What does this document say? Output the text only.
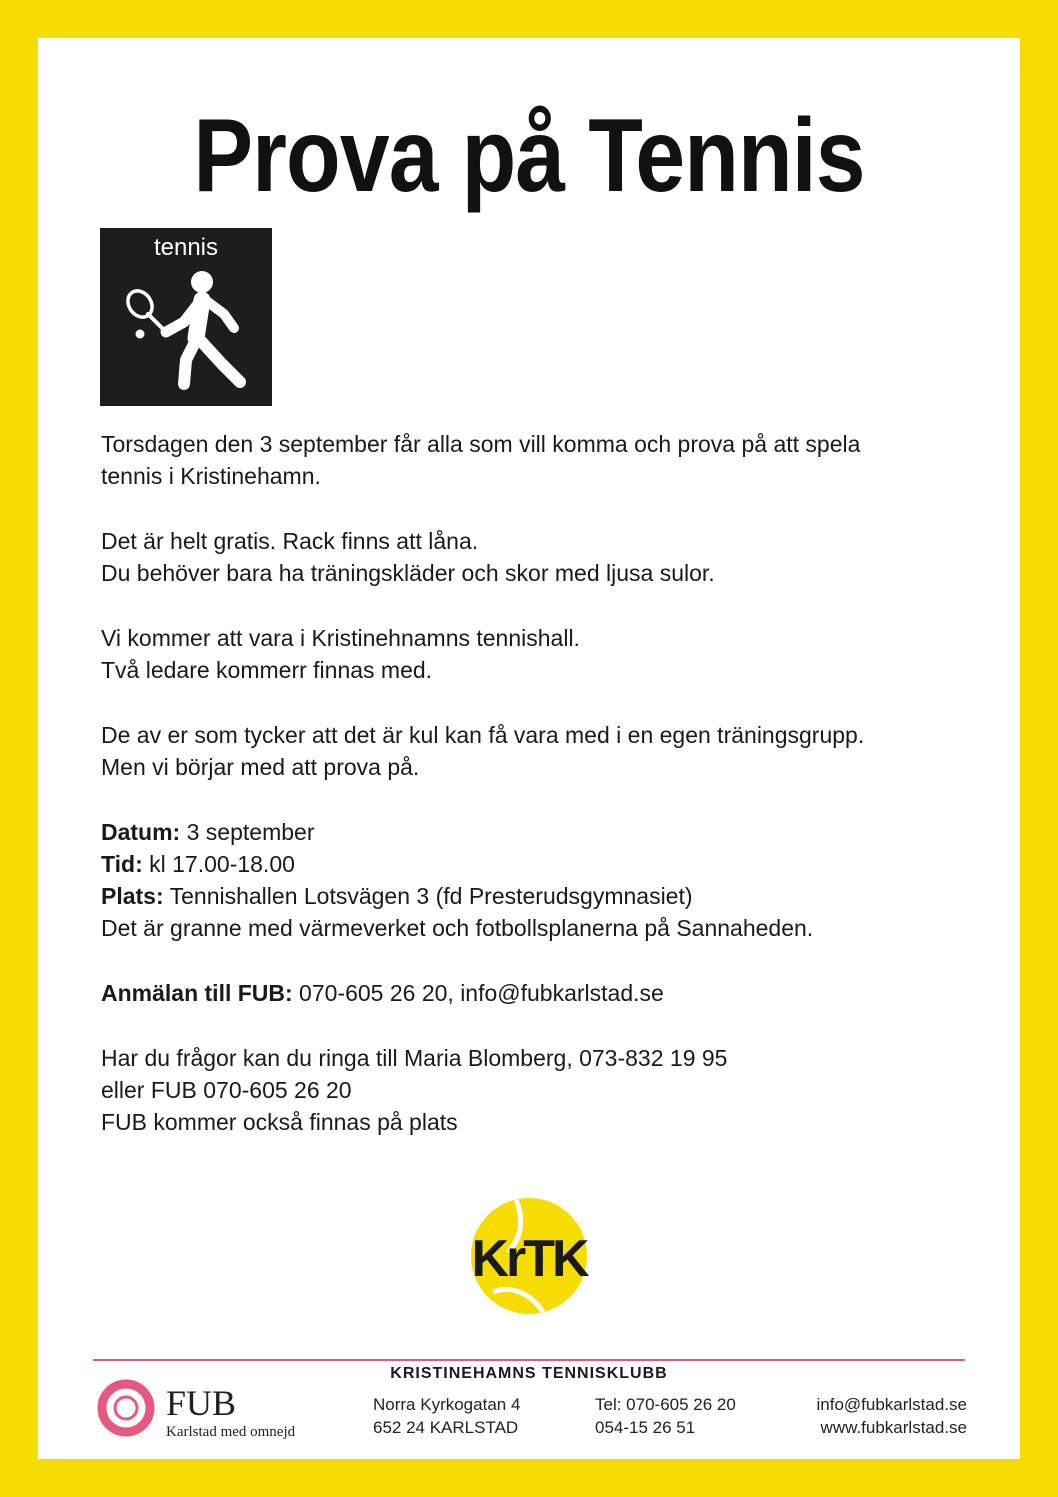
Prova på Tennis
tennis

Torsdagen den 3 september får alla som vill komma och prova på att spela
tennis i Kristinehamn.

Det är helt gratis. Rack finns att låna.
Du behöver bara ha träningskläder och skor med ljusa sulor.

Vi kommer att vara i Kristinehnamns tennishall.
Två ledare kommerr finnas med.

De av er som tycker att det är kul kan få vara med i en egen träningsgrupp.
Men vi börjar med att prova på.

Datum: 3 september
Tid: kl 17.00-18.00
Plats: Tennishallen Lotsvägen 3 (fd Presterudsgymnasiet)
Det är granne med värmeverket och fotbollsplanerna på Sannaheden.

Anmälan till FUB: 070-605 26 20, info@fubkarlstad.se

Har du frågor kan du ringa till Maria Blomberg, 073-832 19 95
eller FUB 070-605 26 20
FUB kommer också finnas på plats

KrTK
KRISTINEHAMNS TENNISKLUBB
FUB
Karlstad med omnejd
Norra Kyrkogatan 4
652 24 KARLSTAD
Tel: 070-605 26 20
054-15 26 51
info@fubkarlstad.se
www.fubkarlstad.se
